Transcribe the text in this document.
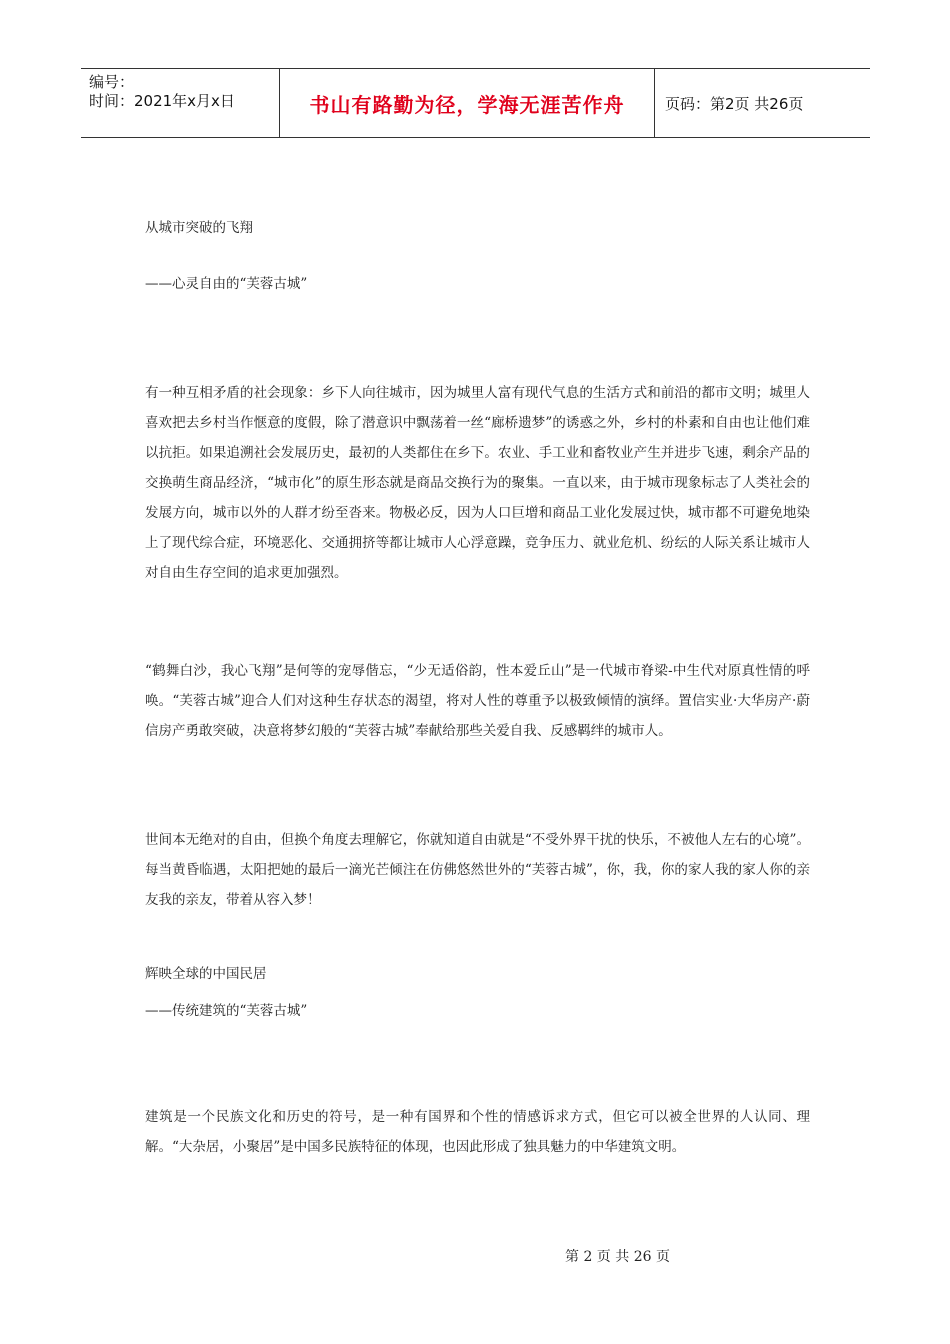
编号：
时间：2021年x月x日	书山有路勤为径，学海无涯苦作舟	页码：第2页 共26页
从城市突破的飞翔
——心灵自由的“芙蓉古城”
有一种互相矛盾的社会现象：乡下人向往城市，因为城里人富有现代气息的生活方式和前沿的都市文明；城里人喜欢把去乡村当作惬意的度假，除了潜意识中飘荡着一丝“廊桥遗梦”的诱惑之外，乡村的朴素和自由也让他们难以抗拒。如果追溯社会发展历史，最初的人类都住在乡下。农业、手工业和畜牧业产生并进步飞速，剩余产品的交换萌生商品经济，“城市化”的原生形态就是商品交换行为的聚集。一直以来，由于城市现象标志了人类社会的发展方向，城市以外的人群才纷至沓来。物极必反，因为人口巨增和商品工业化发展过快，城市都不可避免地染上了现代综合症，环境恶化、交通拥挤等都让城市人心浮意躁，竞争压力、就业危机、纷纭的人际关系让城市人对自由生存空间的追求更加强烈。
“鹤舞白沙，我心飞翔”是何等的宠辱偕忘，“少无适俗韵，性本爱丘山”是一代城市脊梁-中生代对原真性情的呼唤。“芙蓉古城”迎合人们对这种生存状态的渴望，将对人性的尊重予以极致倾情的演绎。置信实业·大华房产·蔚信房产勇敢突破，决意将梦幻般的“芙蓉古城”奉献给那些关爱自我、反感羁绊的城市人。
世间本无绝对的自由，但换个角度去理解它，你就知道自由就是“不受外界干扰的快乐，不被他人左右的心境”。每当黄昏临遇，太阳把她的最后一滴光芒倾注在仿佛悠然世外的“芙蓉古城”，你，我，你的家人我的家人你的亲友我的亲友，带着从容入梦！
辉映全球的中国民居
——传统建筑的“芙蓉古城”
建筑是一个民族文化和历史的符号，是一种有国界和个性的情感诉求方式，但它可以被全世界的人认同、理解。“大杂居，小聚居”是中国多民族特征的体现，也因此形成了独具魅力的中华建筑文明。
第 2 页 共 26 页
